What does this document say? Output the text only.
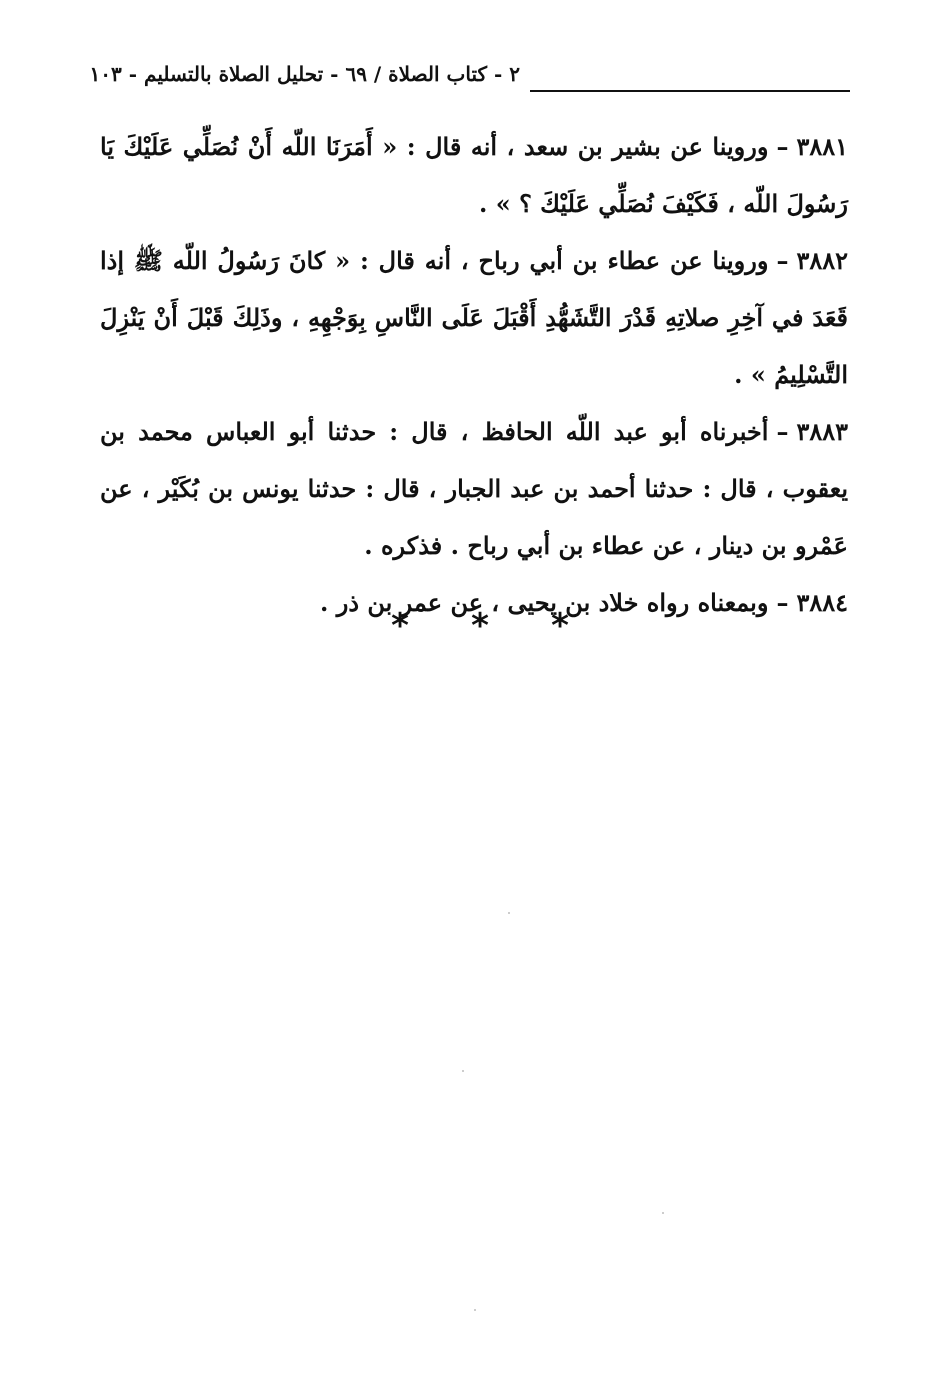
٢ - كتاب الصلاة / ٦٩ - تحليل الصلاة بالتسليم - ١٠٣

٣٨٨١–وروينا عن بشير بن سعد ، أنه قال : « أَمَرَنَا اللّه أَنْ نُصَلِّي عَلَيْكَ يَا رَسُولَ اللّه ، فَكَيْفَ نُصَلِّي عَلَيْكَ ؟ » .

٣٨٨٢–وروينا عن عطاء بن أبي رباح ، أنه قال : « كانَ رَسُولُ اللّه ﷺ إذا قَعَدَ في آخِرِ صلاتِهِ قَدْرَ التَّشَهُّدِ أَقْبَلَ عَلَى النَّاسِ بِوَجْهِهِ ، وذَلِكَ قَبْلَ أَنْ يَنْزِلَ التَّسْلِيمُ » .

٣٨٨٣–أخبرناه أبو عبد اللّه الحافظ ، قال : حدثنا أبو العباس محمد بن يعقوب ، قال : حدثنا أحمد بن عبد الجبار ، قال : حدثنا يونس بن بُكَيْر ، عن عَمْرو بن دينار ، عن عطاء بن أبي رباح . فذكره .

٣٨٨٤–وبمعناه رواه خلاد بن يحيى ، عن عمر بن ذر .

*	*	*
